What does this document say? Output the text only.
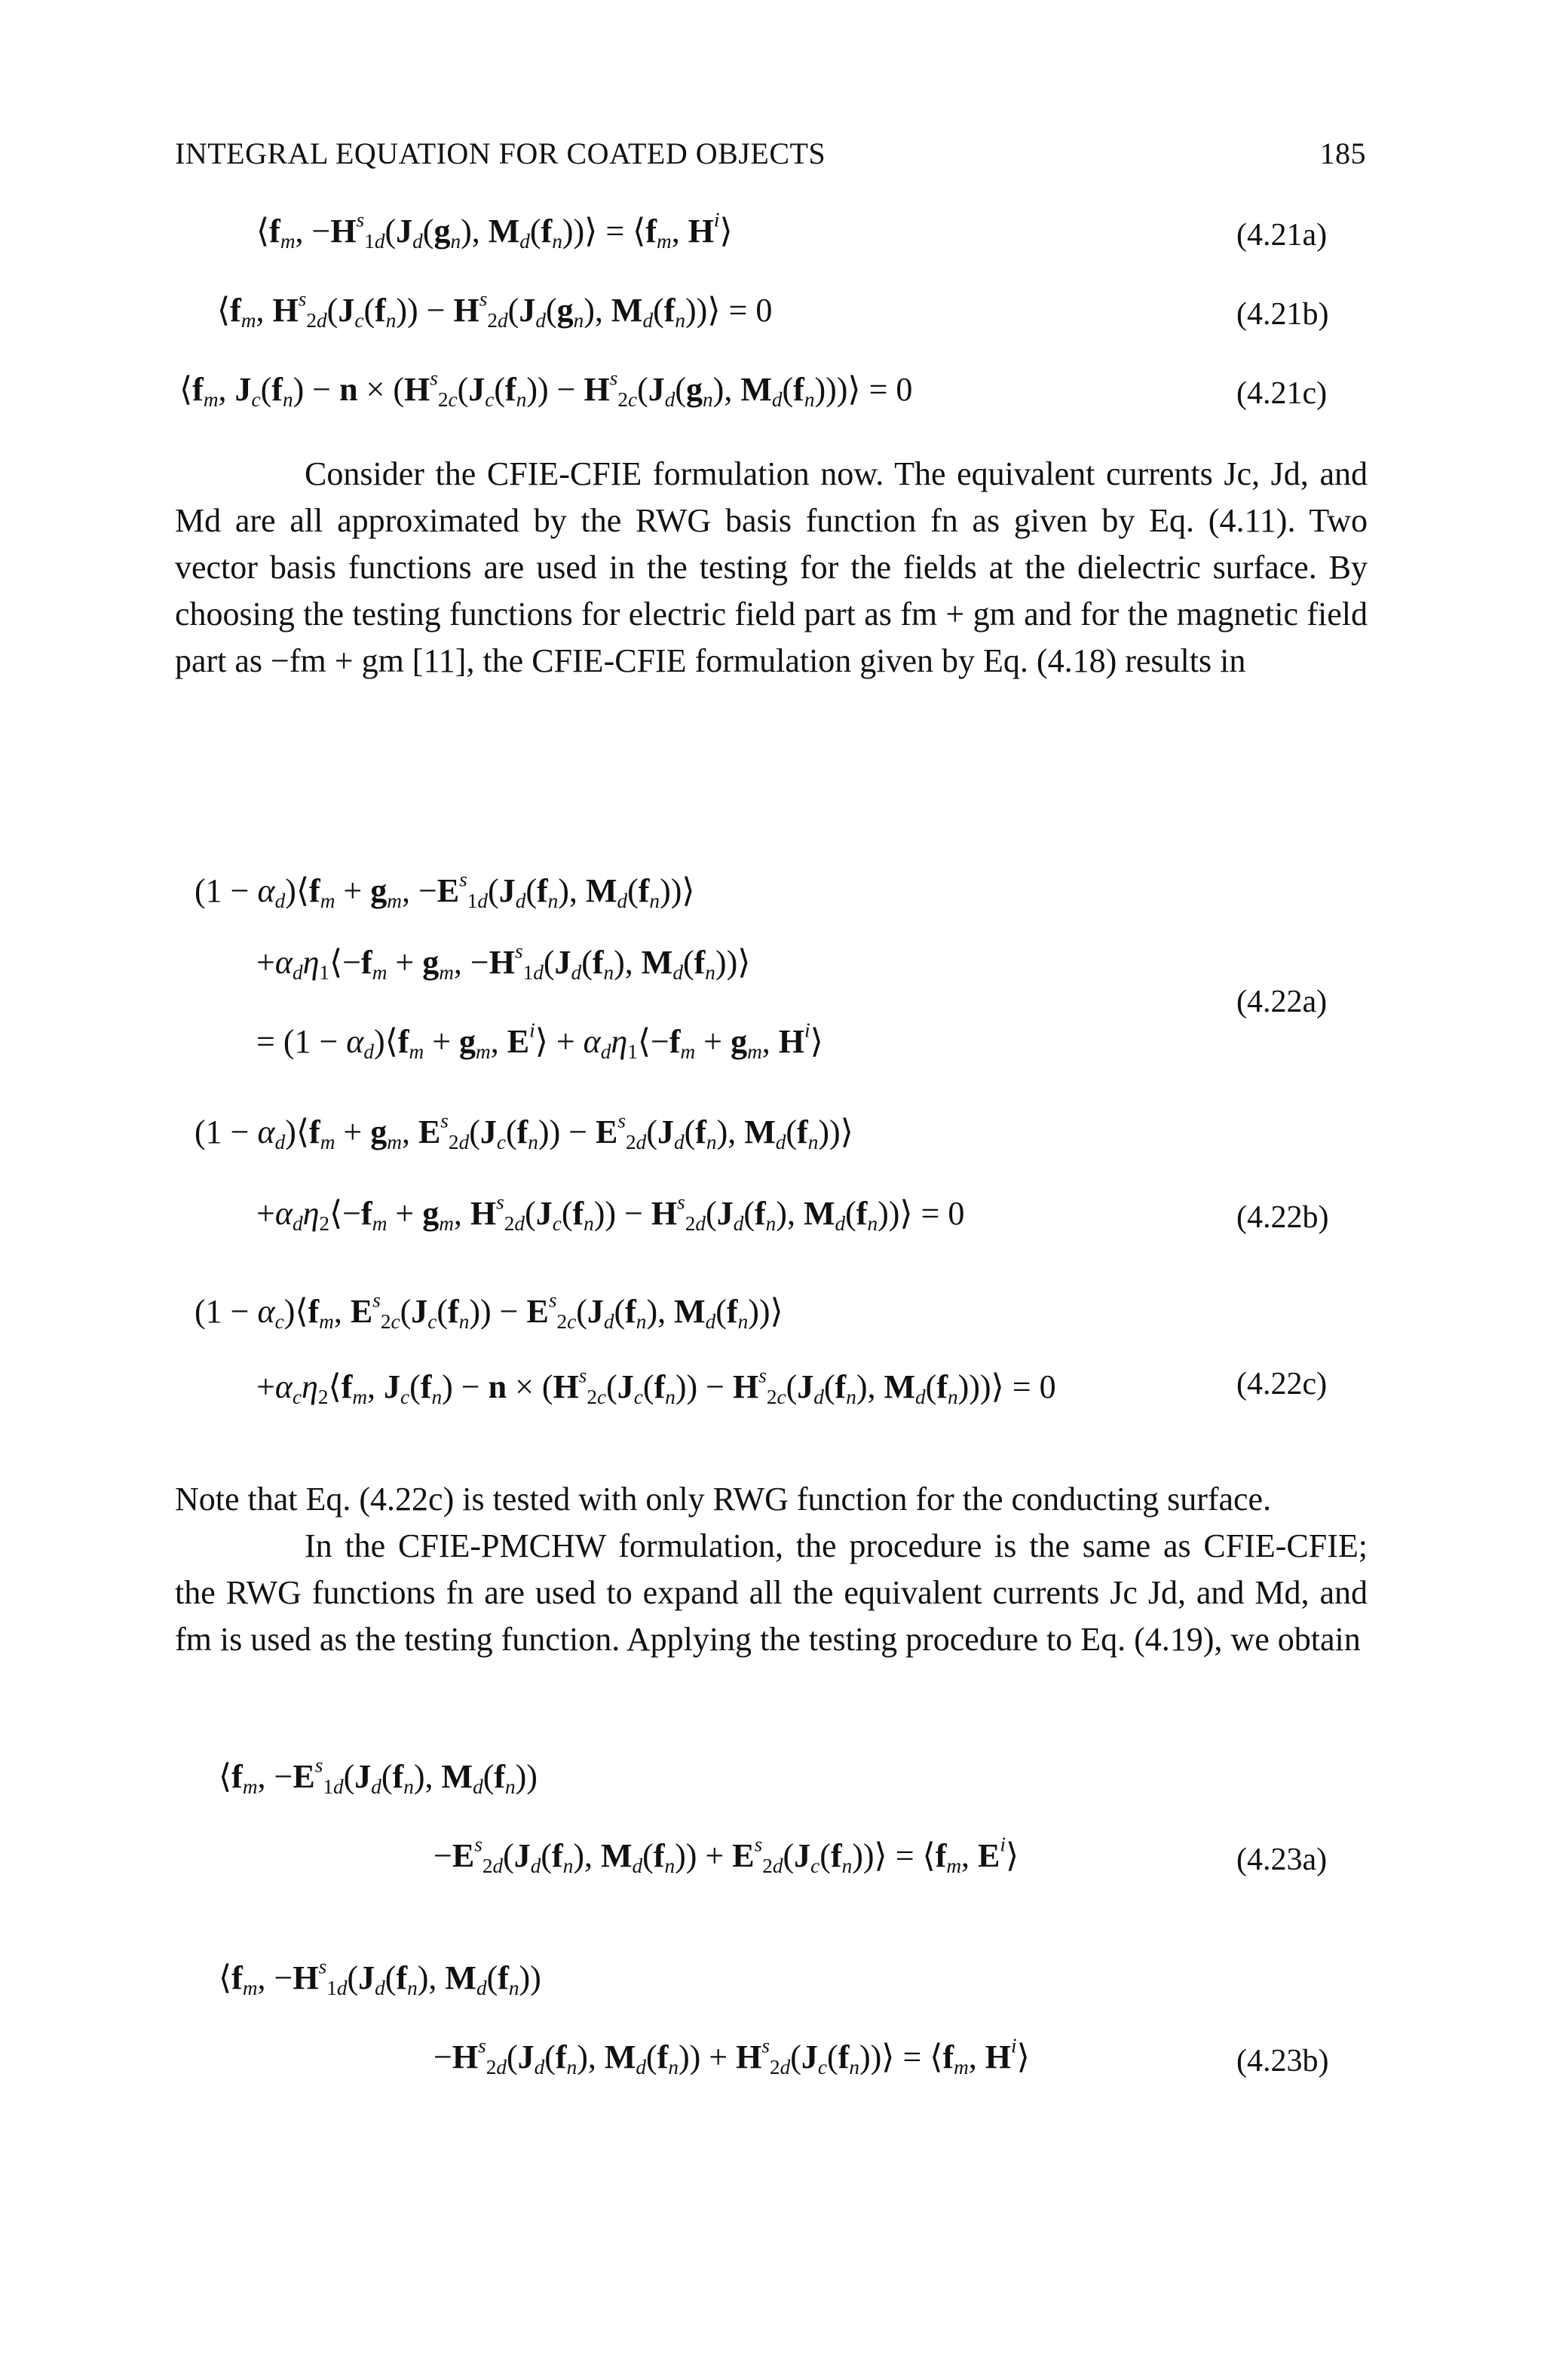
INTEGRAL EQUATION FOR COATED OBJECTS	185
$⟨f_m$, $-H^s_{1d}(J_d(g_n)$, $M_d(f_n))⟩$ = $⟨f_m$, $H^i⟩$	(4.21a)
$⟨f_m$, $H^s_{2d}(J_c(f_n)) - H^s_{2d}(J_d(g_n)$, $M_d(f_n))⟩ = 0$	(4.21b)
$⟨f_m$, $J_c(f_n) - n \times (H^s_{2c}(J_c(f_n)) - H^s_{2c}(J_d(g_n)$, $M_d(f_n)))⟩ = 0$	(4.21c)

Consider the CFIE-CFIE formulation now. The equivalent currents Jc, Jd, and Md are all approximated by the RWG basis function fn as given by Eq. (4.11). Two vector basis functions are used in the testing for the fields at the dielectric surface. By choosing the testing functions for electric field part as fm + gm and for the magnetic field part as −fm + gm [11], the CFIE-CFIE formulation given by Eq. (4.18) results in

$(1 - \alpha_d)⟨f_m + g_m$, $-E^s_{1d}(J_d(f_n)$, $M_d(f_n))⟩$
$+\alpha_d\eta_1⟨-f_m + g_m$, $-H^s_{1d}(J_d(f_n)$, $M_d(f_n))⟩$
(4.22a)
= $(1 - \alpha_d)⟨f_m + g_m$, $E^i⟩$ + $\alpha_d\eta_1⟨-f_m + g_m$, $H^i⟩$
$(1 - \alpha_d)⟨f_m + g_m$, $E^s_{2d}(J_c(f_n)) - E^s_{2d}(J_d(f_n)$, $M_d(f_n))⟩$
$+\alpha_d\eta_2⟨-f_m + g_m$, $H^s_{2d}(J_c(f_n)) - H^s_{2d}(J_d(f_n)$, $M_d(f_n))⟩ = 0$	(4.22b)
$(1 - \alpha_c)⟨f_m$, $E^s_{2c}(J_c(f_n)) - E^s_{2c}(J_d(f_n)$, $M_d(f_n))⟩$
$+\alpha_c\eta_2⟨f_m$, $J_c(f_n) - n \times (H^s_{2c}(J_c(f_n)) - H^s_{2c}(J_d(f_n)$, $M_d(f_n)))⟩ = 0$	(4.22c)

Note that Eq. (4.22c) is tested with only RWG function for the conducting surface.

In the CFIE-PMCHW formulation, the procedure is the same as CFIE-CFIE; the RWG functions fn are used to expand all the equivalent currents Jc Jd, and Md, and fm is used as the testing function. Applying the testing procedure to Eq. (4.19), we obtain

$⟨f_m$, $-E^s_{1d}(J_d(f_n)$, $M_d(f_n)$)
$-E^s_{2d}(J_d(f_n)$, $M_d(f_n)$) + $E^s_{2d}(J_c(f_n))⟩$ = $⟨f_m$, $E^i⟩$	(4.23a)
$⟨f_m$, $-H^s_{1d}(J_d(f_n)$, $M_d(f_n)$)
$-H^s_{2d}(J_d(f_n)$, $M_d(f_n)$) + $H^s_{2d}(J_c(f_n))⟩$ = $⟨f_m$, $H^i⟩$	(4.23b)
